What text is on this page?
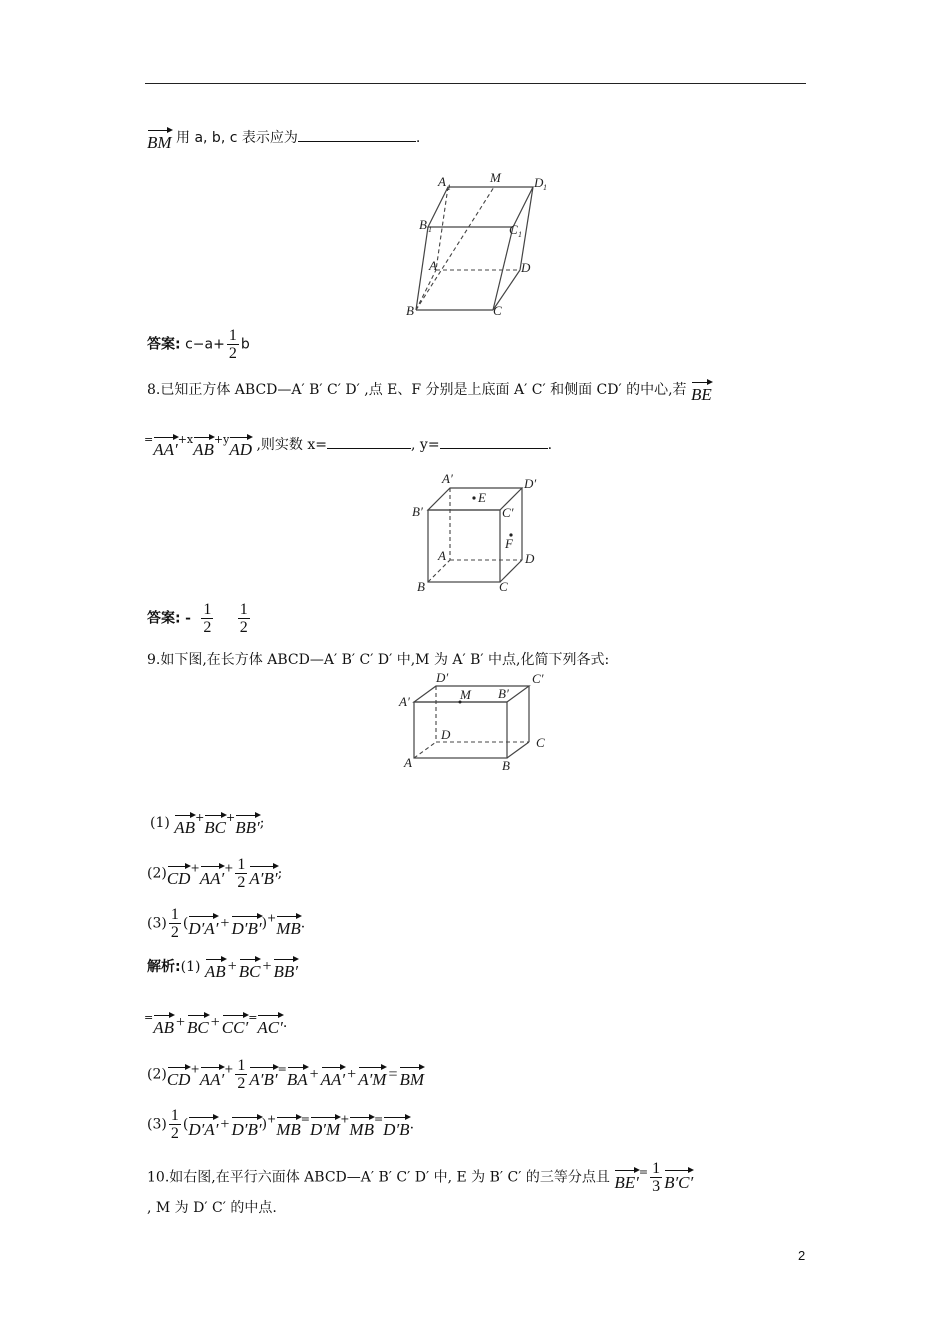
BM 用 a, b, c 表示应为	.
A 1
M	D 1
B 1	C 1
A	D
B	C
答案: $c-a+ \frac{1}{2}$ b
8.已知正方体 ABCD—A′ B′ C′ D′ ,点 E、F 分别是上底面 A′ C′ 和侧面 CD′ 的中心,若 BE
$^=AA'^{+x}AB^{+y}AD$ ,则实数 x=	, y=	.
A′	D′
E
B′	C′
F
A	D
B	C
答案: - $\frac{1}{2}$
$\frac{1}{2}$
9.如下图,在长方体 ABCD—A′ B′ C′ D′ 中,M 为 A′ B′ 中点,化简下列各式:
D′
M B′
C′
A′
D
C
A	B
(1) AB+BC+BB′;
$(2)CD^+AA'^+ \frac{1}{2} A'B'$;
$(3) \frac{1}{2} (D'A' + D'B')^+MB$.
解析:(1) AB + BC + BB′
=AB + BC + CC′=AC′.
$(2)CD^+AA'^+ \frac{1}{2} A'B'^=BA + AA' + A'M$ = BM
$(3) \frac{1}{2} (D'A' + D'B')^+MB^=D'M^+MB^=D'B$.
10.如右图,在平行六面体 ABCD—A′ B′ C′ D′ 中, E 为 B′ C′ 的三等分点且 $BE'^= \frac{1}{3} B'C'$
, M 为 D′ C′ 的中点.
2
